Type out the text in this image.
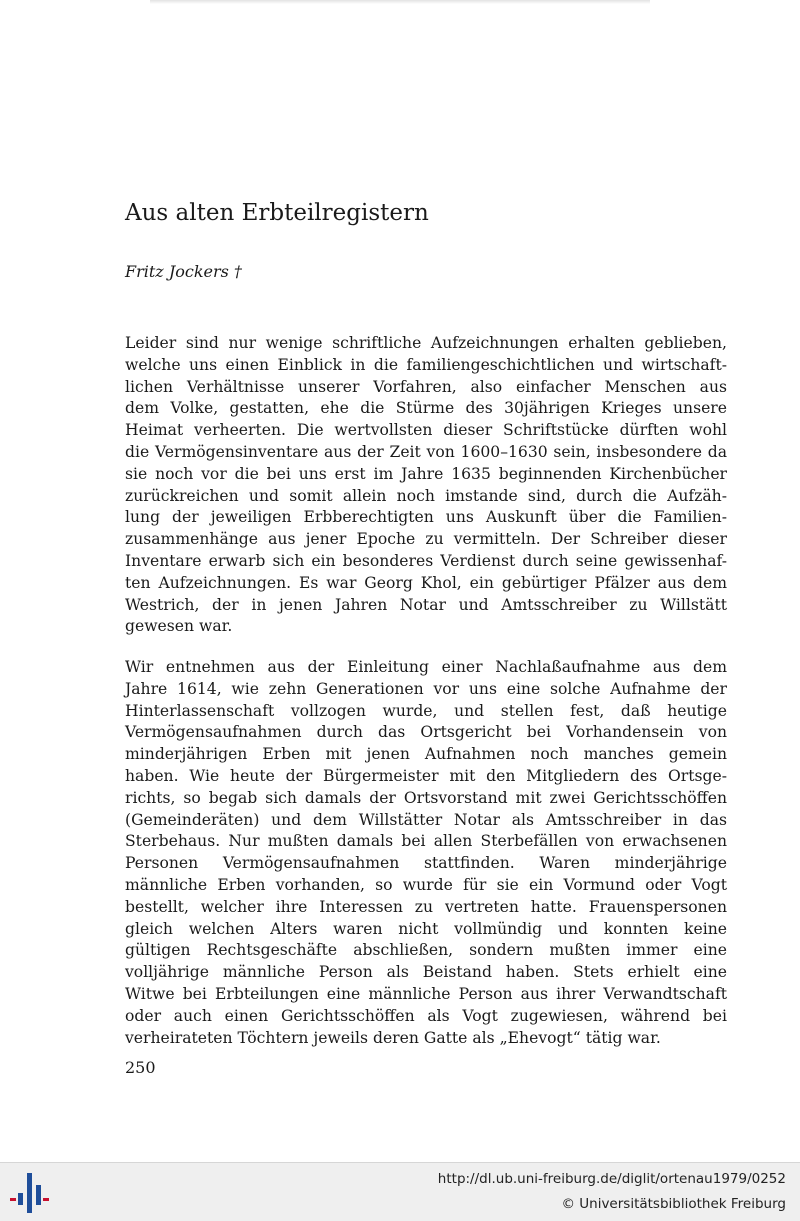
Aus alten Erbteilregistern

Fritz Jockers †

Leider sind nur wenige schriftliche Aufzeichnungen erhalten geblieben,
welche uns einen Einblick in die familiengeschichtlichen und wirtschaft-
lichen Verhältnisse unserer Vorfahren, also einfacher Menschen aus
dem Volke, gestatten, ehe die Stürme des 30jährigen Krieges unsere
Heimat verheerten. Die wertvollsten dieser Schriftstücke dürften wohl
die Vermögensinventare aus der Zeit von 1600–1630 sein, insbesondere da
sie noch vor die bei uns erst im Jahre 1635 beginnenden Kirchenbücher
zurückreichen und somit allein noch imstande sind, durch die Aufzäh-
lung der jeweiligen Erbberechtigten uns Auskunft über die Familien-
zusammenhänge aus jener Epoche zu vermitteln. Der Schreiber dieser
Inventare erwarb sich ein besonderes Verdienst durch seine gewissenhaf-
ten Aufzeichnungen. Es war Georg Khol, ein gebürtiger Pfälzer aus dem
Westrich, der in jenen Jahren Notar und Amtsschreiber zu Willstätt
gewesen war.
Wir entnehmen aus der Einleitung einer Nachlaßaufnahme aus dem
Jahre 1614, wie zehn Generationen vor uns eine solche Aufnahme der
Hinterlassenschaft vollzogen wurde, und stellen fest, daß heutige
Vermögensaufnahmen durch das Ortsgericht bei Vorhandensein von
minderjährigen Erben mit jenen Aufnahmen noch manches gemein
haben. Wie heute der Bürgermeister mit den Mitgliedern des Ortsge-
richts, so begab sich damals der Ortsvorstand mit zwei Gerichtsschöffen
(Gemeinderäten) und dem Willstätter Notar als Amtsschreiber in das
Sterbehaus. Nur mußten damals bei allen Sterbefällen von erwachsenen
Personen Vermögensaufnahmen stattfinden. Waren minderjährige
männliche Erben vorhanden, so wurde für sie ein Vormund oder Vogt
bestellt, welcher ihre Interessen zu vertreten hatte. Frauenspersonen
gleich welchen Alters waren nicht vollmündig und konnten keine
gültigen Rechtsgeschäfte abschließen, sondern mußten immer eine
volljährige männliche Person als Beistand haben. Stets erhielt eine
Witwe bei Erbteilungen eine männliche Person aus ihrer Verwandtschaft
oder auch einen Gerichtsschöffen als Vogt zugewiesen, während bei
verheirateten Töchtern jeweils deren Gatte als „Ehevogt“ tätig war.

250

http://dl.ub.uni-freiburg.de/diglit/ortenau1979/0252

© Universitätsbibliothek Freiburg
